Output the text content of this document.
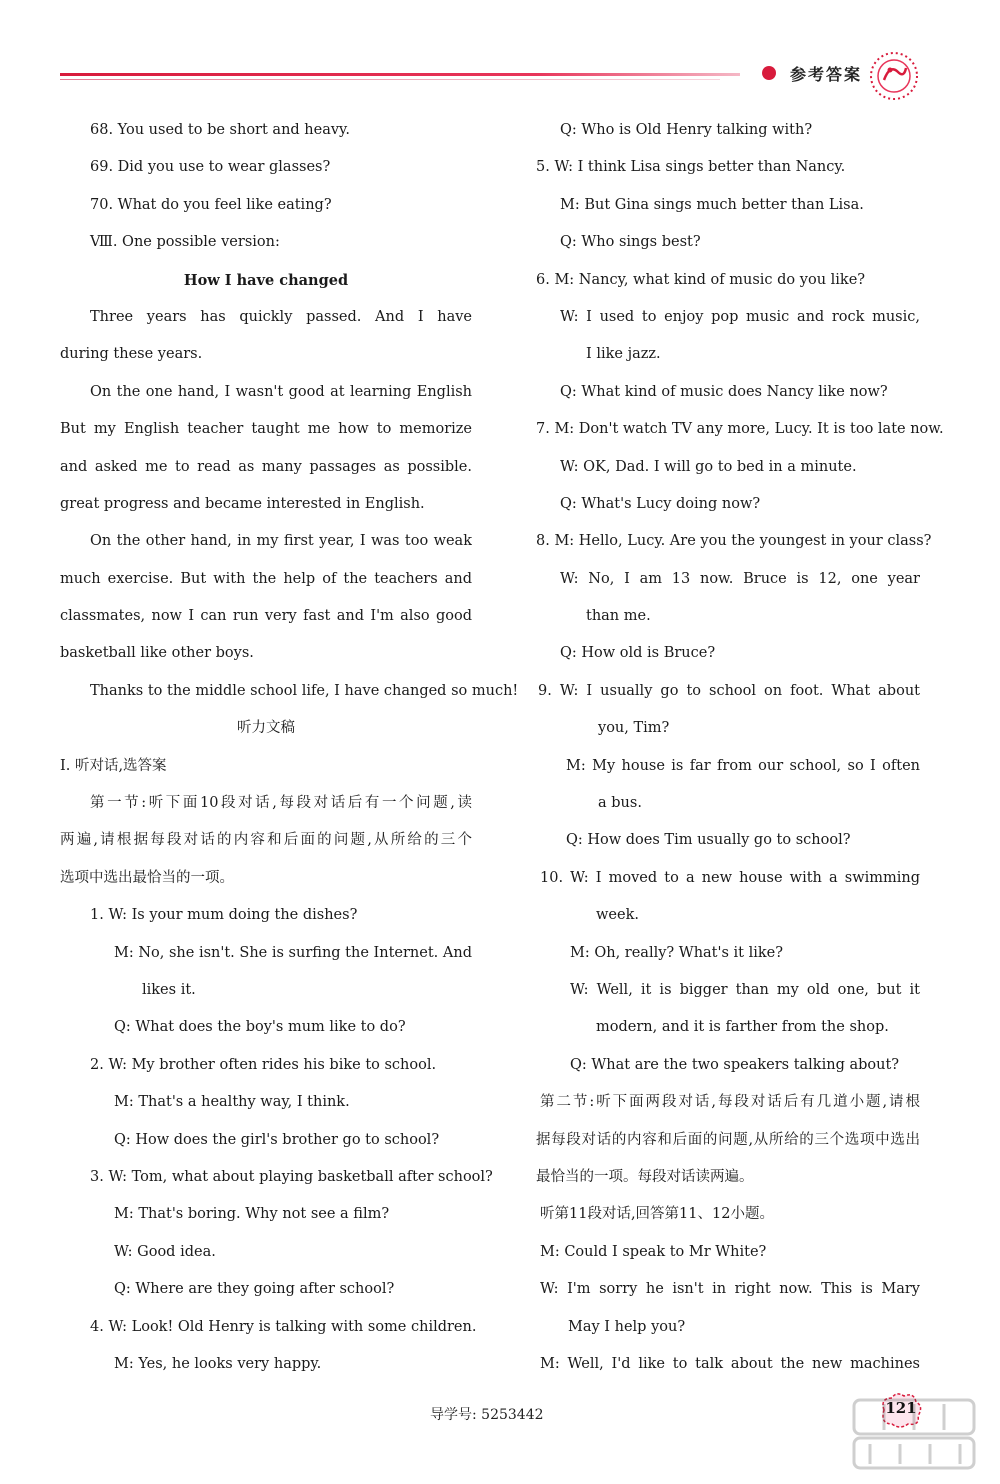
参考答案
68. You used to be short and heavy.
69. Did you use to wear glasses?
70. What do you feel like eating?
Ⅷ. One possible version:
How I have changed
Three years has quickly passed. And I have
during these years.
On the one hand, I wasn't good at learning English
But my English teacher taught me how to memorize
and asked me to read as many passages as possible.
great progress and became interested in English.
On the other hand, in my first year, I was too weak
much exercise. But with the help of the teachers and
classmates, now I can run very fast and I'm also good
basketball like other boys.
Thanks to the middle school life, I have changed so much!
听力文稿
Ⅰ. 听对话,选答案
第一节:听下面10段对话,每段对话后有一个问题,读
两遍,请根据每段对话的内容和后面的问题,从所给的三个
选项中选出最恰当的一项。
1. W: Is your mum doing the dishes?
M: No, she isn't. She is surfing the Internet. And
likes it.
Q: What does the boy's mum like to do?
2. W: My brother often rides his bike to school.
M: That's a healthy way, I think.
Q: How does the girl's brother go to school?
3. W: Tom, what about playing basketball after school?
M: That's boring. Why not see a film?
W: Good idea.
Q: Where are they going after school?
4. W: Look! Old Henry is talking with some children.
M: Yes, he looks very happy.
Q: Who is Old Henry talking with?
5. W: I think Lisa sings better than Nancy.
M: But Gina sings much better than Lisa.
Q: Who sings best?
6. M: Nancy, what kind of music do you like?
W: I used to enjoy pop music and rock music,
I like jazz.
Q: What kind of music does Nancy like now?
7. M: Don't watch TV any more, Lucy. It is too late now.
W: OK, Dad. I will go to bed in a minute.
Q: What's Lucy doing now?
8. M: Hello, Lucy. Are you the youngest in your class?
W: No, I am 13 now. Bruce is 12, one year
than me.
Q: How old is Bruce?
9. W: I usually go to school on foot. What about
you, Tim?
M: My house is far from our school, so I often
a bus.
Q: How does Tim usually go to school?
10. W: I moved to a new house with a swimming
week.
M: Oh, really? What's it like?
W: Well, it is bigger than my old one, but it
modern, and it is farther from the shop.
Q: What are the two speakers talking about?
第二节:听下面两段对话,每段对话后有几道小题,请根
据每段对话的内容和后面的问题,从所给的三个选项中选出
最恰当的一项。每段对话读两遍。
听第11段对话,回答第11、12小题。
M: Could I speak to Mr White?
W: I'm sorry he isn't in right now. This is Mary
May I help you?
M: Well, I'd like to talk about the new machines
导学号: 5253442	121
